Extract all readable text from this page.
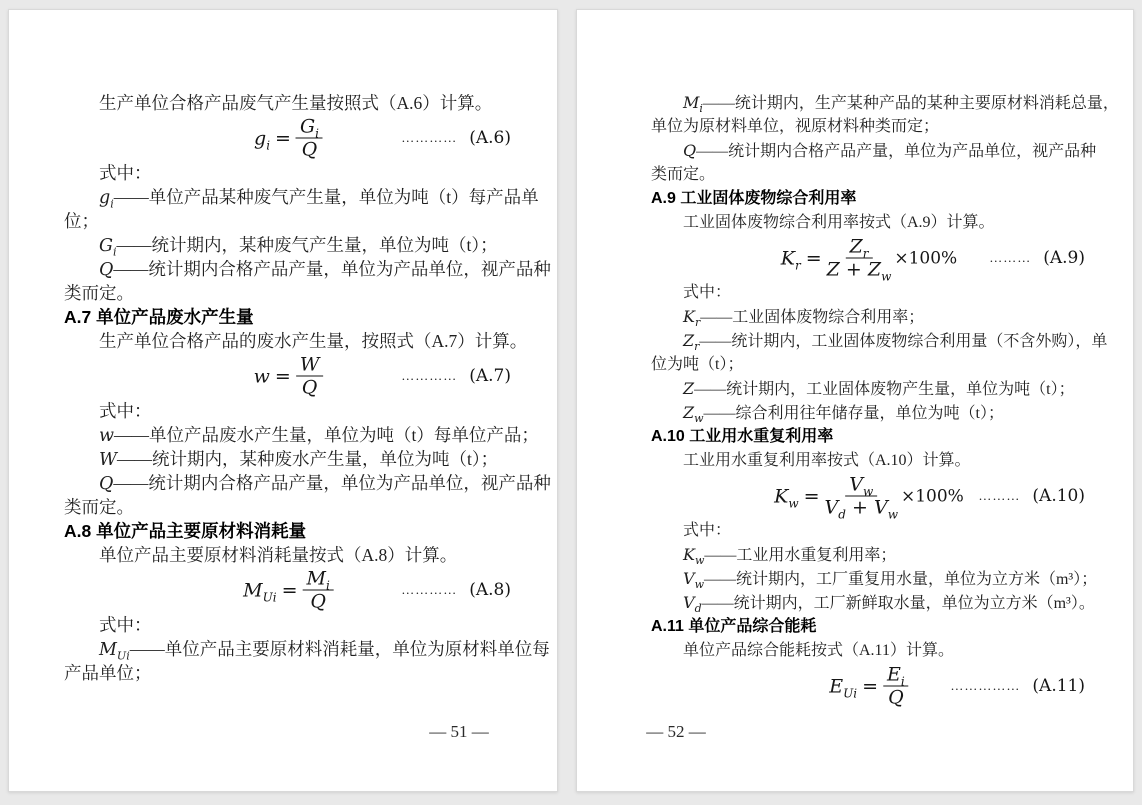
生产单位合格产品废气产生量按照式（A.6）计算。
$g_i = \frac{G_i}{Q}$	………… (A.6)
式中：
$g_i——$单位产品某种废气产生量，单位为吨（t）每产品单
位；
$G_i——$统计期内，某种废气产生量，单位为吨（t）；
Q——统计期内合格产品产量，单位为产品单位，视产品种
类而定。
A.7 单位产品废水产生量
生产单位合格产品的废水产生量，按照式（A.7）计算。
$w = \frac{W}{Q}$	………… (A.7)
式中：
w——单位产品废水产生量，单位为吨（t）每单位产品；
W——统计期内，某种废水产生量，单位为吨（t）；
Q——统计期内合格产品产量，单位为产品单位，视产品种
类而定。
A.8 单位产品主要原材料消耗量
单位产品主要原材料消耗量按式（A.8）计算。
$M_{Ui} = \frac{M_i}{Q}$	………… (A.8)
式中：
$M_{Ui}——$单位产品主要原材料消耗量，单位为原材料单位每
产品单位；
— 51 —
$M_i——$统计期内，生产某种产品的某种主要原材料消耗总量，
单位为原材料单位，视原材料种类而定；
Q——统计期内合格产品产量，单位为产品单位，视产品种
类而定。
A.9 工业固体废物综合利用率
工业固体废物综合利用率按式（A.9）计算。
$K_r = \frac{Z_r}{Z + Z_w} \times 100\%$ ……… (A.9)
式中：
$K_r——$工业固体废物综合利用率；
$Z_r——$统计期内，工业固体废物综合利用量（不含外购），单
位为吨（t）；
Z——统计期内，工业固体废物产生量，单位为吨（t）；
$Z_w——$综合利用往年储存量，单位为吨（t）；
A.10 工业用水重复利用率
工业用水重复利用率按式（A.10）计算。
$K_w = \frac{V_w}{V_d + V_w} \times 100\%$ ……… (A.10)
式中：
$K_w——$工业用水重复利用率；
$V_w——$统计期内，工厂重复用水量，单位为立方米（m³）；
$V_d——$统计期内，工厂新鲜取水量，单位为立方米（m³）。
A.11 单位产品综合能耗
单位产品综合能耗按式（A.11）计算。
$E_{Ui} = \frac{E_i}{Q}$	…………… (A.11)
— 52 —
